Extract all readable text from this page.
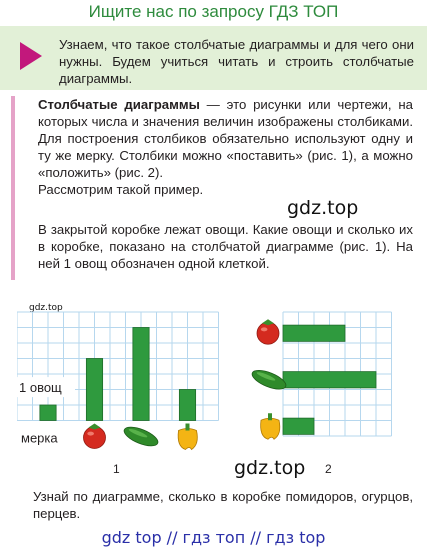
Ищите нас по запросу ГДЗ ТОП
Узнаем, что такое столбчатые диаграммы и для чего они нужны. Будем учиться читать и строить столбчатые диаграммы.

Столбчатые диаграммы — это рисунки или чертежи, на которых числа и значения величин изображены столбиками. Для построения столбиков обязательно используют одну и ту же мерку. Столбики можно «поставить» (рис. 1), а можно «положить» (рис. 2).

Рассмотрим такой пример.

gdz.top

В закрытой коробке лежат овощи. Какие овощи и сколько их в коробке, показано на столбчатой диаграмме (рис. 1). На ней 1 овощ обозначен одной клеткой.

gdz.top
1 овощ
мерка
1	gdz.top 2
Узнай по диаграмме, сколько в коробке помидоров, огурцов, перцев.
gdz top // гдз топ // гдз top
